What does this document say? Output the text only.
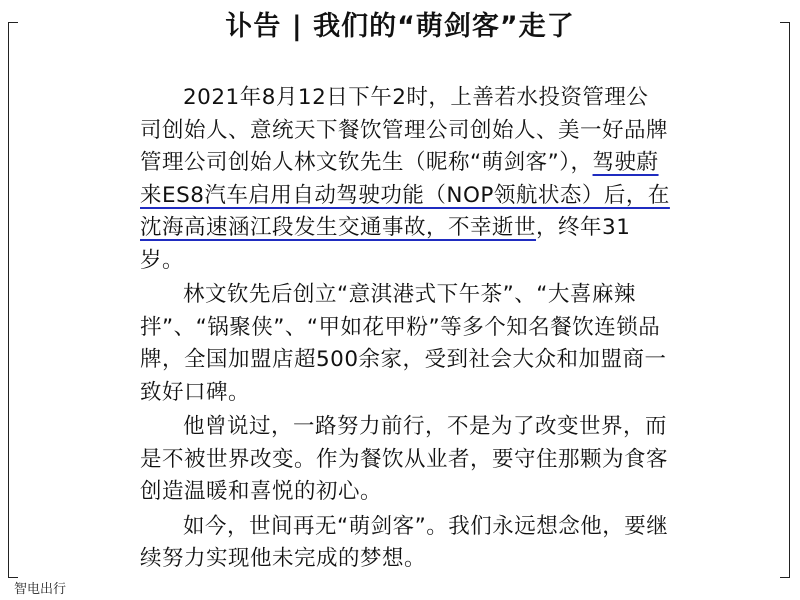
讣告 | 我们的“萌剑客”走了

2021年8月12日下午2时，上善若水投资管理公司创始人、意统天下餐饮管理公司创始人、美一好品牌管理公司创始人林文钦先生（昵称“萌剑客”），驾驶蔚来ES8汽车启用自动驾驶功能（NOP领航状态）后，在沈海高速涵江段发生交通事故，不幸逝世，终年31岁。

林文钦先后创立“意淇港式下午茶”、“大喜麻辣拌”、“锅聚侠”、“甲如花甲粉”等多个知名餐饮连锁品牌，全国加盟店超500余家，受到社会大众和加盟商一致好口碑。

他曾说过，一路努力前行，不是为了改变世界，而是不被世界改变。作为餐饮从业者，要守住那颗为食客创造温暖和喜悦的初心。

如今，世间再无“萌剑客”。我们永远想念他，要继续努力实现他未完成的梦想。

智电出行
